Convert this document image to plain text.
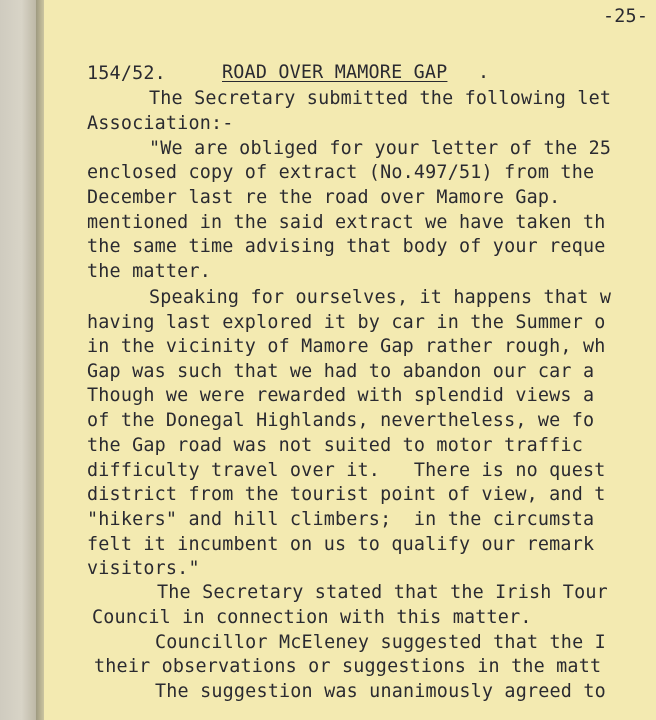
-25-
154/52.	ROAD OVER MAMORE GAP .
The Secretary submitted the following let
Association:-
"We are obliged for your letter of the 25
enclosed copy of extract (No.497/51) from the
December last re the road over Mamore Gap.
mentioned in the said extract we have taken th
the same time advising that body of your reque
the matter.
Speaking for ourselves, it happens that w
having last explored it by car in the Summer o
in the vicinity of Mamore Gap rather rough, wh
Gap was such that we had to abandon our car a
Though we were rewarded with splendid views a
of the Donegal Highlands, nevertheless, we fo
the Gap road was not suited to motor traffic
difficulty travel over it.   There is no quest
district from the tourist point of view, and t
"hikers" and hill climbers;  in the circumsta
felt it incumbent on us to qualify our remark
visitors."
The Secretary stated that the Irish Tour
Council in connection with this matter.
Councillor McEleney suggested that the I
their observations or suggestions in the matt
The suggestion was unanimously agreed to
